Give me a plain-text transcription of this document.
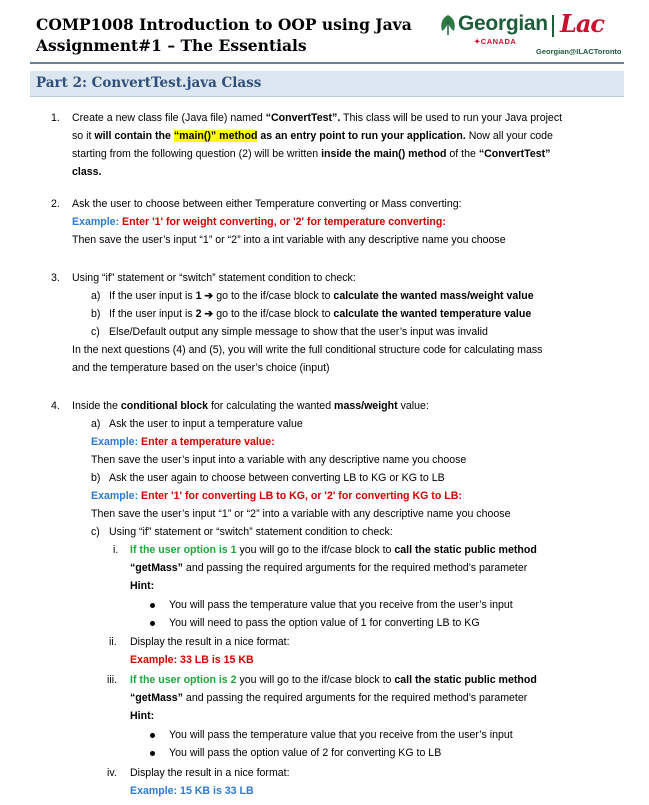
COMP1008 Introduction to OOP using Java
Assignment#1 – The Essentials
Georgian
✦CANADA
Lac
Georgian@ILACToronto
Part 2: ConvertTest.java Class
1. Create a new class file (Java file) named “ConvertTest”. This class will be used to run your Java project
so it will contain the “main()” method as an entry point to run your application. Now all your code
starting from the following question (2) will be written inside the main() method of the “ConvertTest”
class.
2. Ask the user to choose between either Temperature converting or Mass converting:
Example: Enter '1' for weight converting, or '2' for temperature converting:
Then save the user’s input “1” or “2” into a int variable with any descriptive name you choose
3. Using “if” statement or “switch” statement condition to check:
a) If the user input is 1 ➔ go to the if/case block to calculate the wanted mass/weight value
b) If the user input is 2 ➔ go to the if/case block to calculate the wanted temperature value
c) Else/Default output any simple message to show that the user’s input was invalid
In the next questions (4) and (5), you will write the full conditional structure code for calculating mass
and the temperature based on the user’s choice (input)
4. Inside the conditional block for calculating the wanted mass/weight value:
a) Ask the user to input a temperature value
Example: Enter a temperature value:
Then save the user’s input into a variable with any descriptive name you choose
b) Ask the user again to choose between converting LB to KG or KG to LB
Example: Enter '1' for converting LB to KG, or '2' for converting KG to LB:
Then save the user’s input “1” or “2” into a variable with any descriptive name you choose
c) Using “if” statement or “switch” statement condition to check:
i. If the user option is 1 you will go to the if/case block to call the static public method
“getMass” and passing the required arguments for the required method’s parameter
Hint:
You will pass the temperature value that you receive from the user’s input
You will need to pass the option value of 1 for converting LB to KG
ii. Display the result in a nice format:
Example: 33 LB is 15 KB
iii. If the user option is 2 you will go to the if/case block to call the static public method
“getMass” and passing the required arguments for the required method’s parameter
Hint:
You will pass the temperature value that you receive from the user’s input
You will pass the option value of 2 for converting KG to LB
iv. Display the result in a nice format:
Example: 15 KB is 33 LB
